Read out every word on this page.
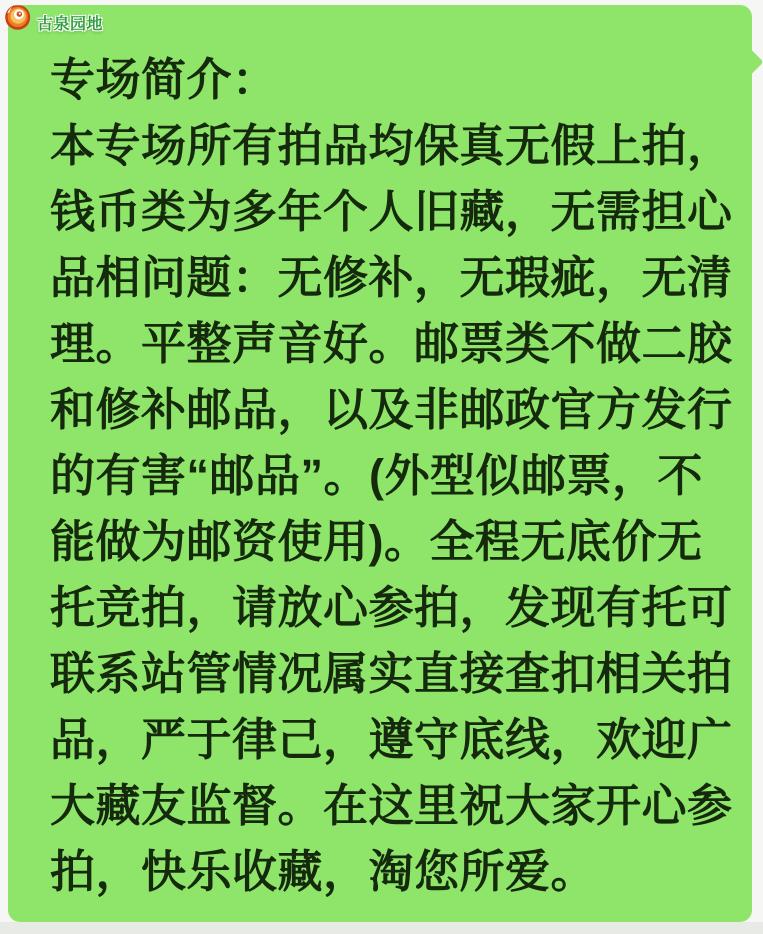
专场简介：
本专场所有拍品均保真无假上拍，
钱币类为多年个人旧藏，无需担心
品相问题：无修补，无瑕疵，无清
理。平整声音好。邮票类不做二胶
和修补邮品，以及非邮政官方发行
的有害“邮品”。(外型似邮票，不
能做为邮资使用)。全程无底价无
托竞拍，请放心参拍，发现有托可
联系站管情况属实直接查扣相关拍
品，严于律己，遵守底线，欢迎广
大藏友监督。在这里祝大家开心参
拍，快乐收藏，淘您所爱。
古泉园地
